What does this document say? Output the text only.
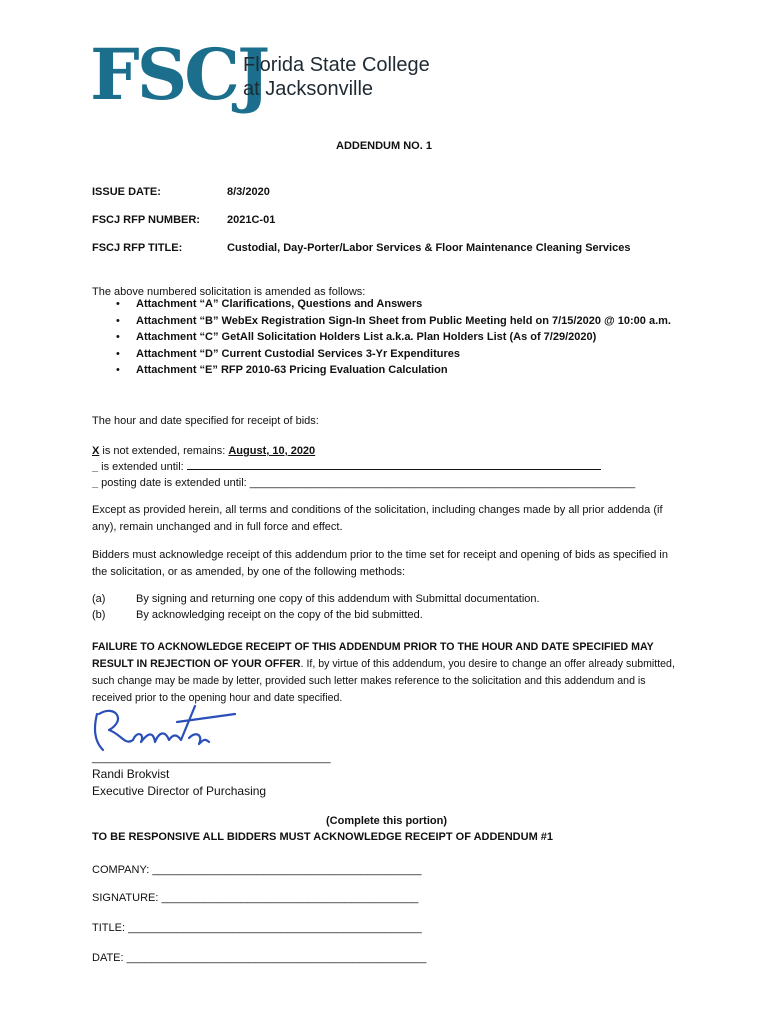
FSCJ
Florida State College
at Jacksonville
ADDENDUM NO. 1
ISSUE DATE:	8/3/2020
FSCJ RFP NUMBER: 2021C-01
FSCJ RFP TITLE:	Custodial, Day-Porter/Labor Services & Floor Maintenance Cleaning Services
The above numbered solicitation is amended as follows:
• Attachment “A” Clarifications, Questions and Answers
• Attachment “B” WebEx Registration Sign-In Sheet from Public Meeting held on 7/15/2020 @ 10:00 a.m.
• Attachment “C” GetAll Solicitation Holders List a.k.a. Plan Holders List (As of 7/29/2020)
• Attachment “D” Current Custodial Services 3-Yr Expenditures
• Attachment “E” RFP 2010-63 Pricing Evaluation Calculation
The hour and date specified for receipt of bids:
X is not extended, remains: August, 10, 2020
_ is extended until:
_ posting date is extended until: _______________________________________________________________
Except as provided herein, all terms and conditions of the solicitation, including changes made by all prior addenda (if any), remain unchanged and in full force and effect.
Bidders must acknowledge receipt of this addendum prior to the time set for receipt and opening of bids as specified in the solicitation, or as amended, by one of the following methods:
(a)	By signing and returning one copy of this addendum with Submittal documentation.
(b)	By acknowledging receipt on the copy of the bid submitted.
FAILURE TO ACKNOWLEDGE RECEIPT OF THIS ADDENDUM PRIOR TO THE HOUR AND DATE SPECIFIED MAY RESULT IN REJECTION OF YOUR OFFER. If, by virtue of this addendum, you desire to change an offer already submitted, such change may be made by letter, provided such letter makes reference to the solicitation and this addendum and is received prior to the opening hour and date specified.
_______________________________________
Randi Brokvist
Executive Director of Purchasing
(Complete this portion)
TO BE RESPONSIVE ALL BIDDERS MUST ACKNOWLEDGE RECEIPT OF ADDENDUM #1
COMPANY: ____________________________________________
SIGNATURE: __________________________________________
TITLE: ________________________________________________
DATE: _________________________________________________
